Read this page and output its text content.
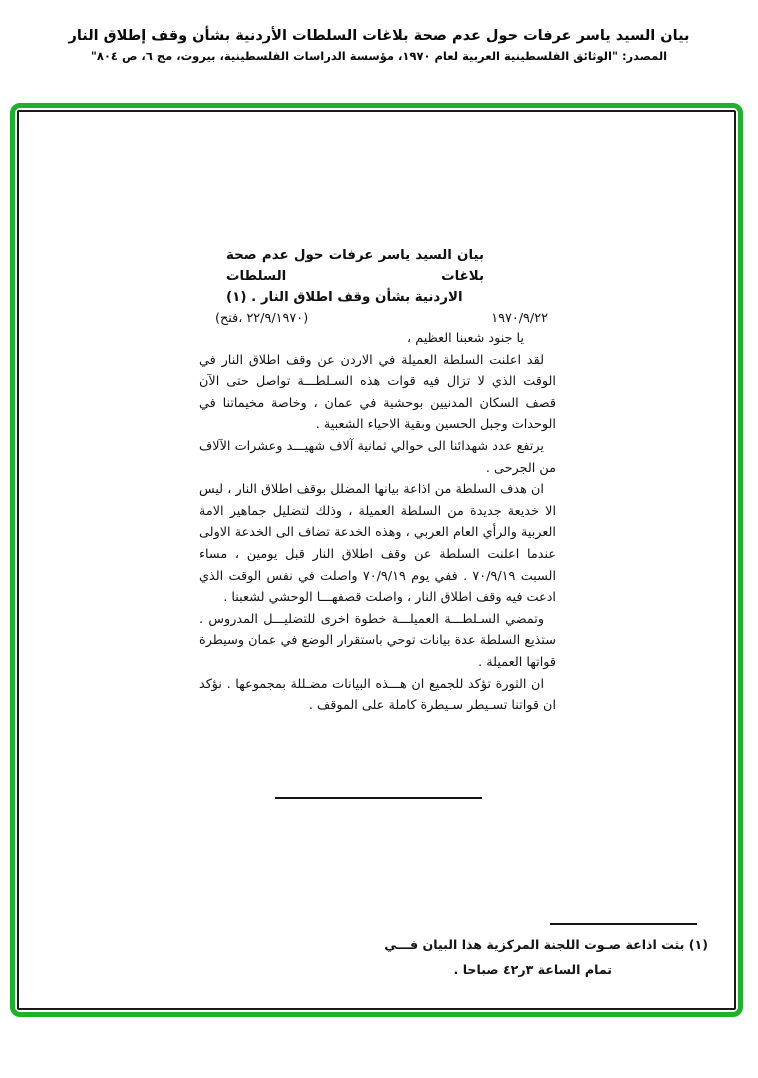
بيان السيد ياسر عرفات حول عدم صحة بلاغات السلطات الأردنية بشأن وقف إطلاق النار
المصدر: "الوثائق الفلسطينية العربية لعام ١٩٧٠، مؤسسة الدراسات الفلسطينية، بيروت، مج ٦، ص ٨٠٤"
بيان السيد ياسر عرفات حول عدم صحة بلاغات السلطات
الاردنية بشأن وقف اطلاق النار . (١)
١٩٧٠/٩/٢٢
(٢٢/٩/١٩٧٠ ،فتح)

يا جنود شعبنا العظيم ،

لقد اعلنت السلطة العميلة في الاردن عن وقف اطلاق النار في الوقت الذي لا تزال فيه قوات هذه السـلطـــة تواصل حتى الآن قصف السكان المدنيين بوحشية في عمان ، وخاصة مخيماتنا في الوحدات وجبل الحسين وبقية الاحياء الشعبية .

يرتفع عدد شهدائنا الى حوالي ثمانية آلاف شهيـــد وعشرات الآلاف من الجرحى .

ان هدف السلطة من اذاعة بيانها المضلل بوقف اطلاق النار ، ليس الا خديعة جديدة من السلطة العميلة ، وذلك لتضليل جماهير الامة العربية والرأي العام العربي ، وهذه الخدعة تضاف الى الخدعة الاولى عندما اعلنت السلطة عن وقف اطلاق النار قبل يومين ، مساء السبت ٧٠/٩/١٩ . ففي يوم ٧٠/٩/١٩ واصلت في نفس الوقت الذي ادعت فيه وقف اطلاق النار ، واصلت قصفهـــا الوحشي لشعبنا .

وتمضي السـلطـــة العميلـــة خطوة اخرى للتضليـــل المدروس . ستذيع السلطة عدة بيانات توحي باستقرار الوضع في عمان وسيطرة قواتها العميلة .

ان الثورة تؤكد للجميع ان هـــذه البيانات مضـللة بمجموعها . نؤكد ان قواتنا تسـيطر سـيطرة كاملة على الموقف .

(١) بثت اذاعة صـوت اللجنة المركزية هذا البيان فـــي
تمام الساعة ٣ر٤٢ صباحا .
